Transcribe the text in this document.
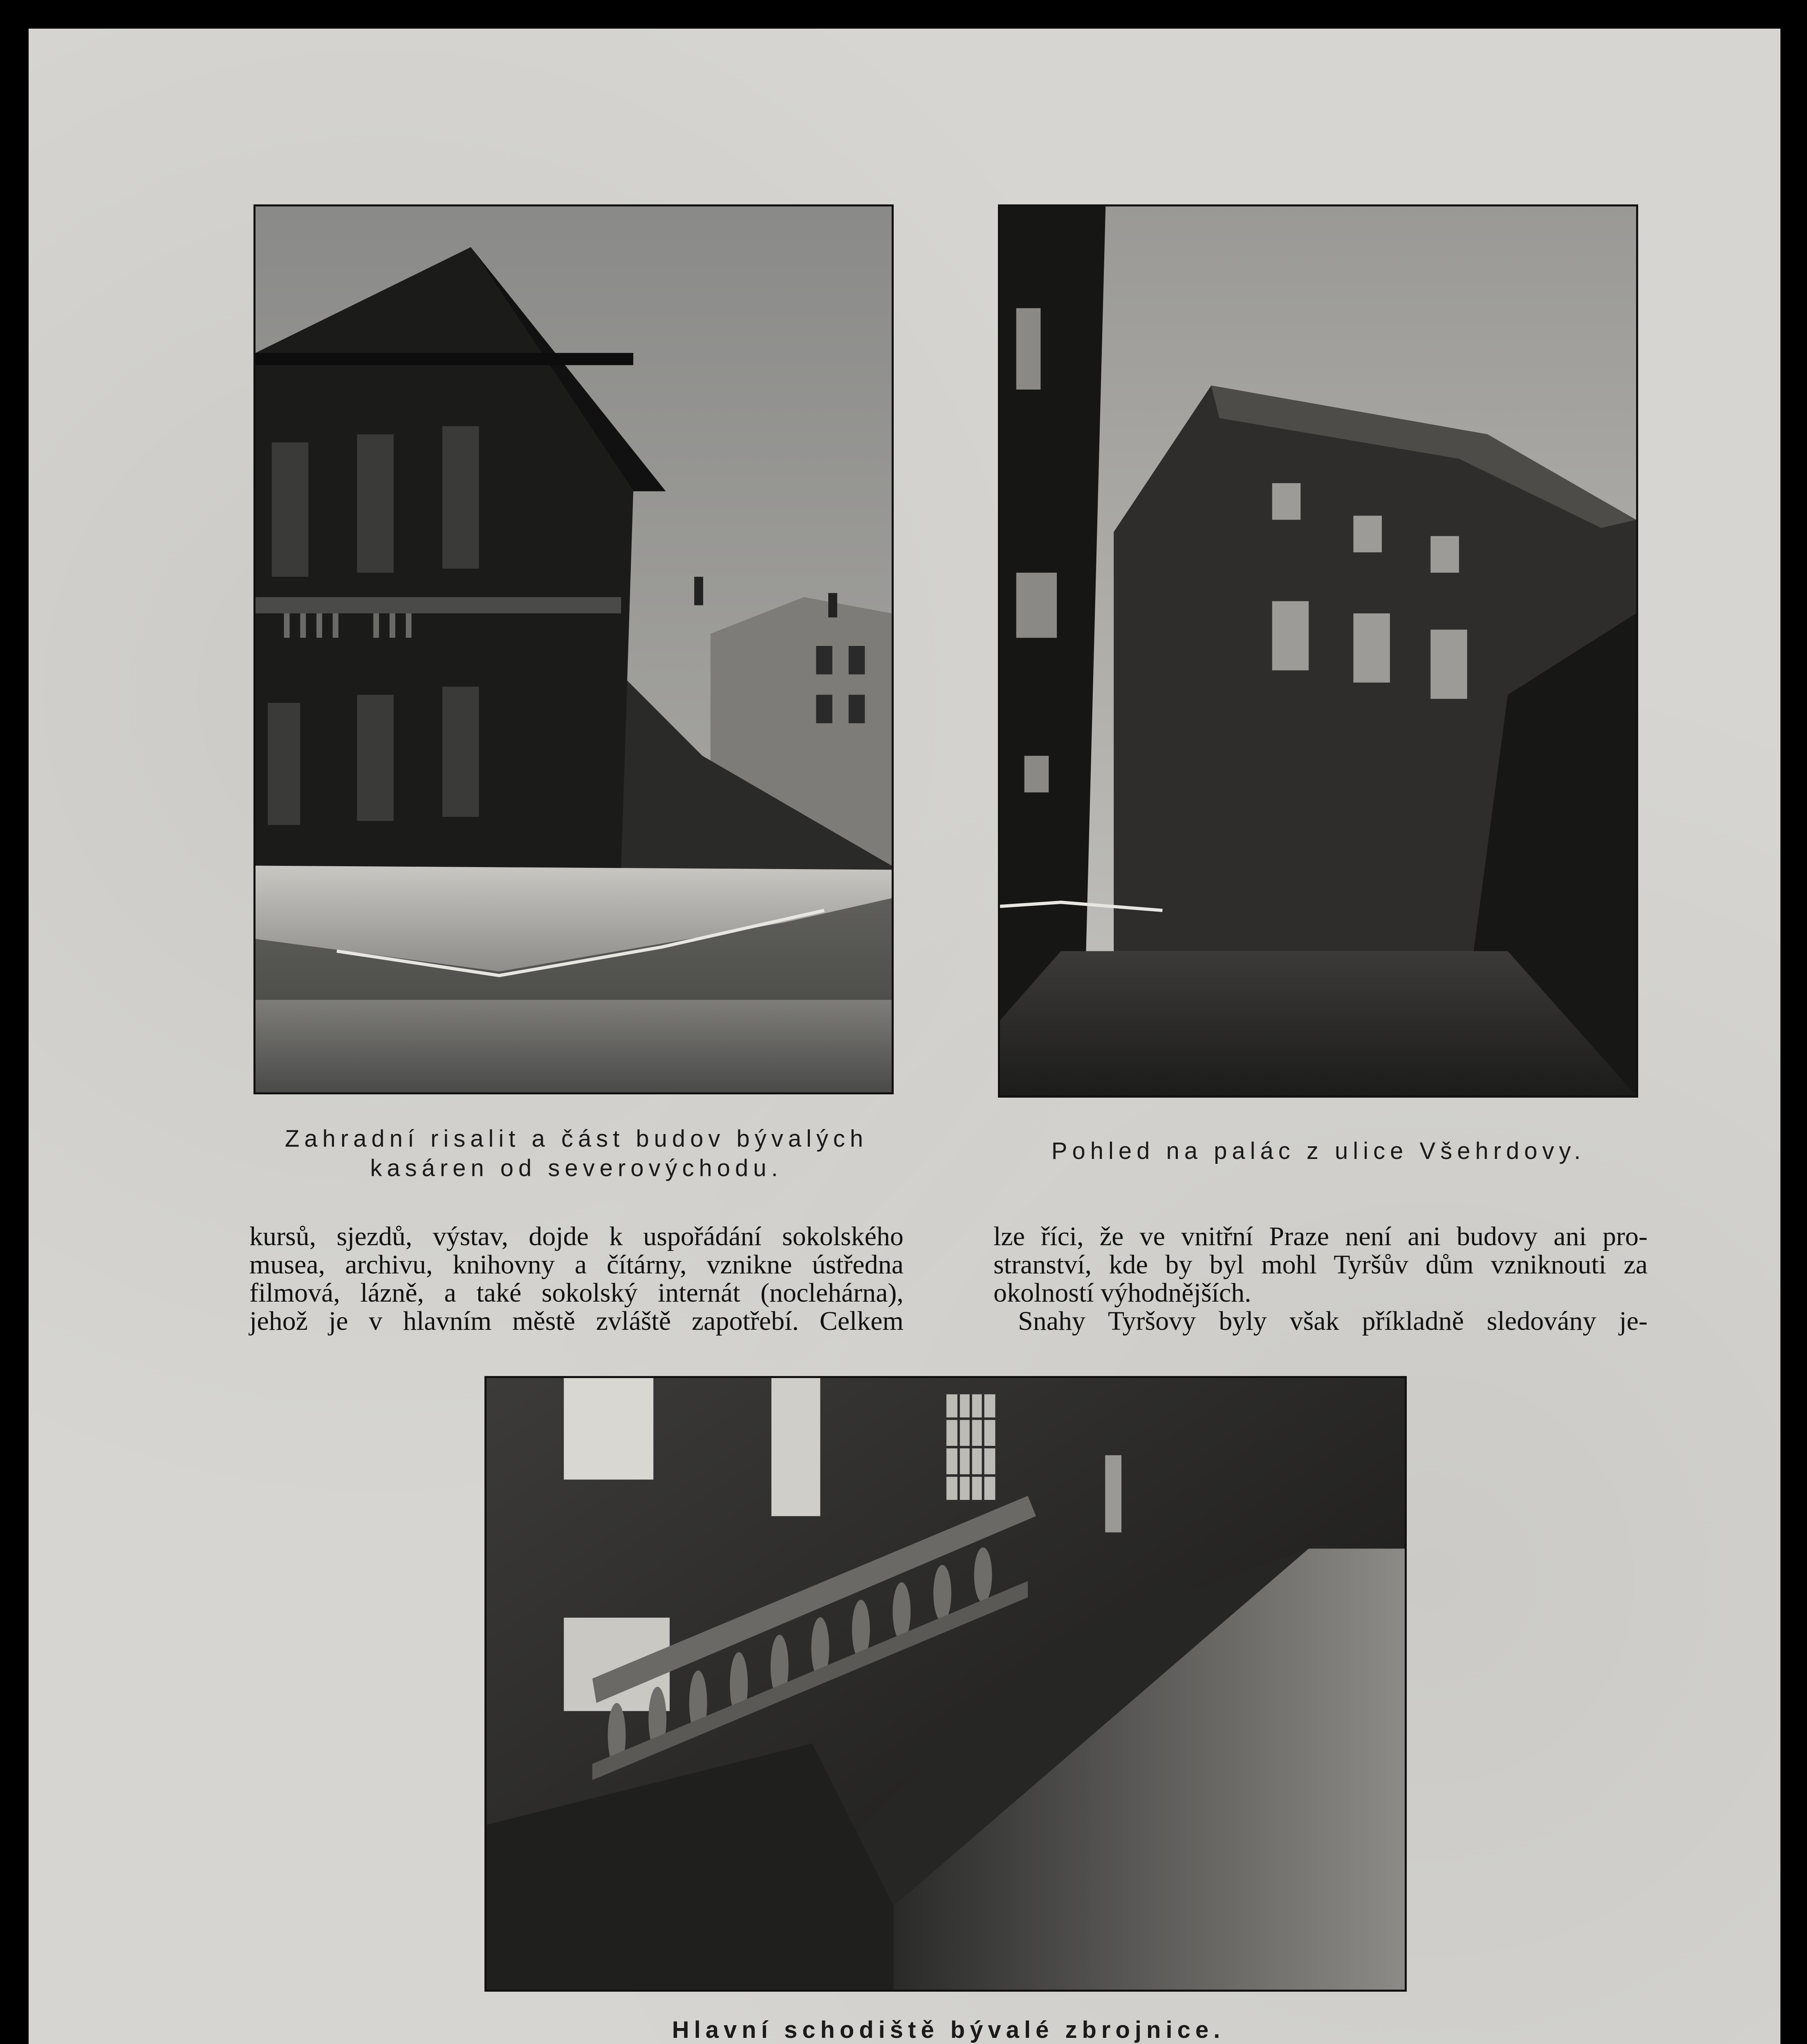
Zahradní risalit a část budov bývalých
kasáren od severovýchodu.
Pohled na palác z ulice Všehrdovy.
kursů, sjezdů, výstav, dojde k uspořádání sokolského
musea, archivu, knihovny a čítárny, vznikne ústředna
filmová, lázně, a také sokolský internát (noclehárna),
jehož je v hlavním městě zvláště zapotřebí. Celkem
lze říci, že ve vnitřní Praze není ani budovy ani pro-
stranství, kde by byl mohl Tyršův dům vzniknouti za
okolností výhodnějších.
Snahy Tyršovy byly však příkladně sledovány je-
Hlavní schodiště bývalé zbrojnice.
